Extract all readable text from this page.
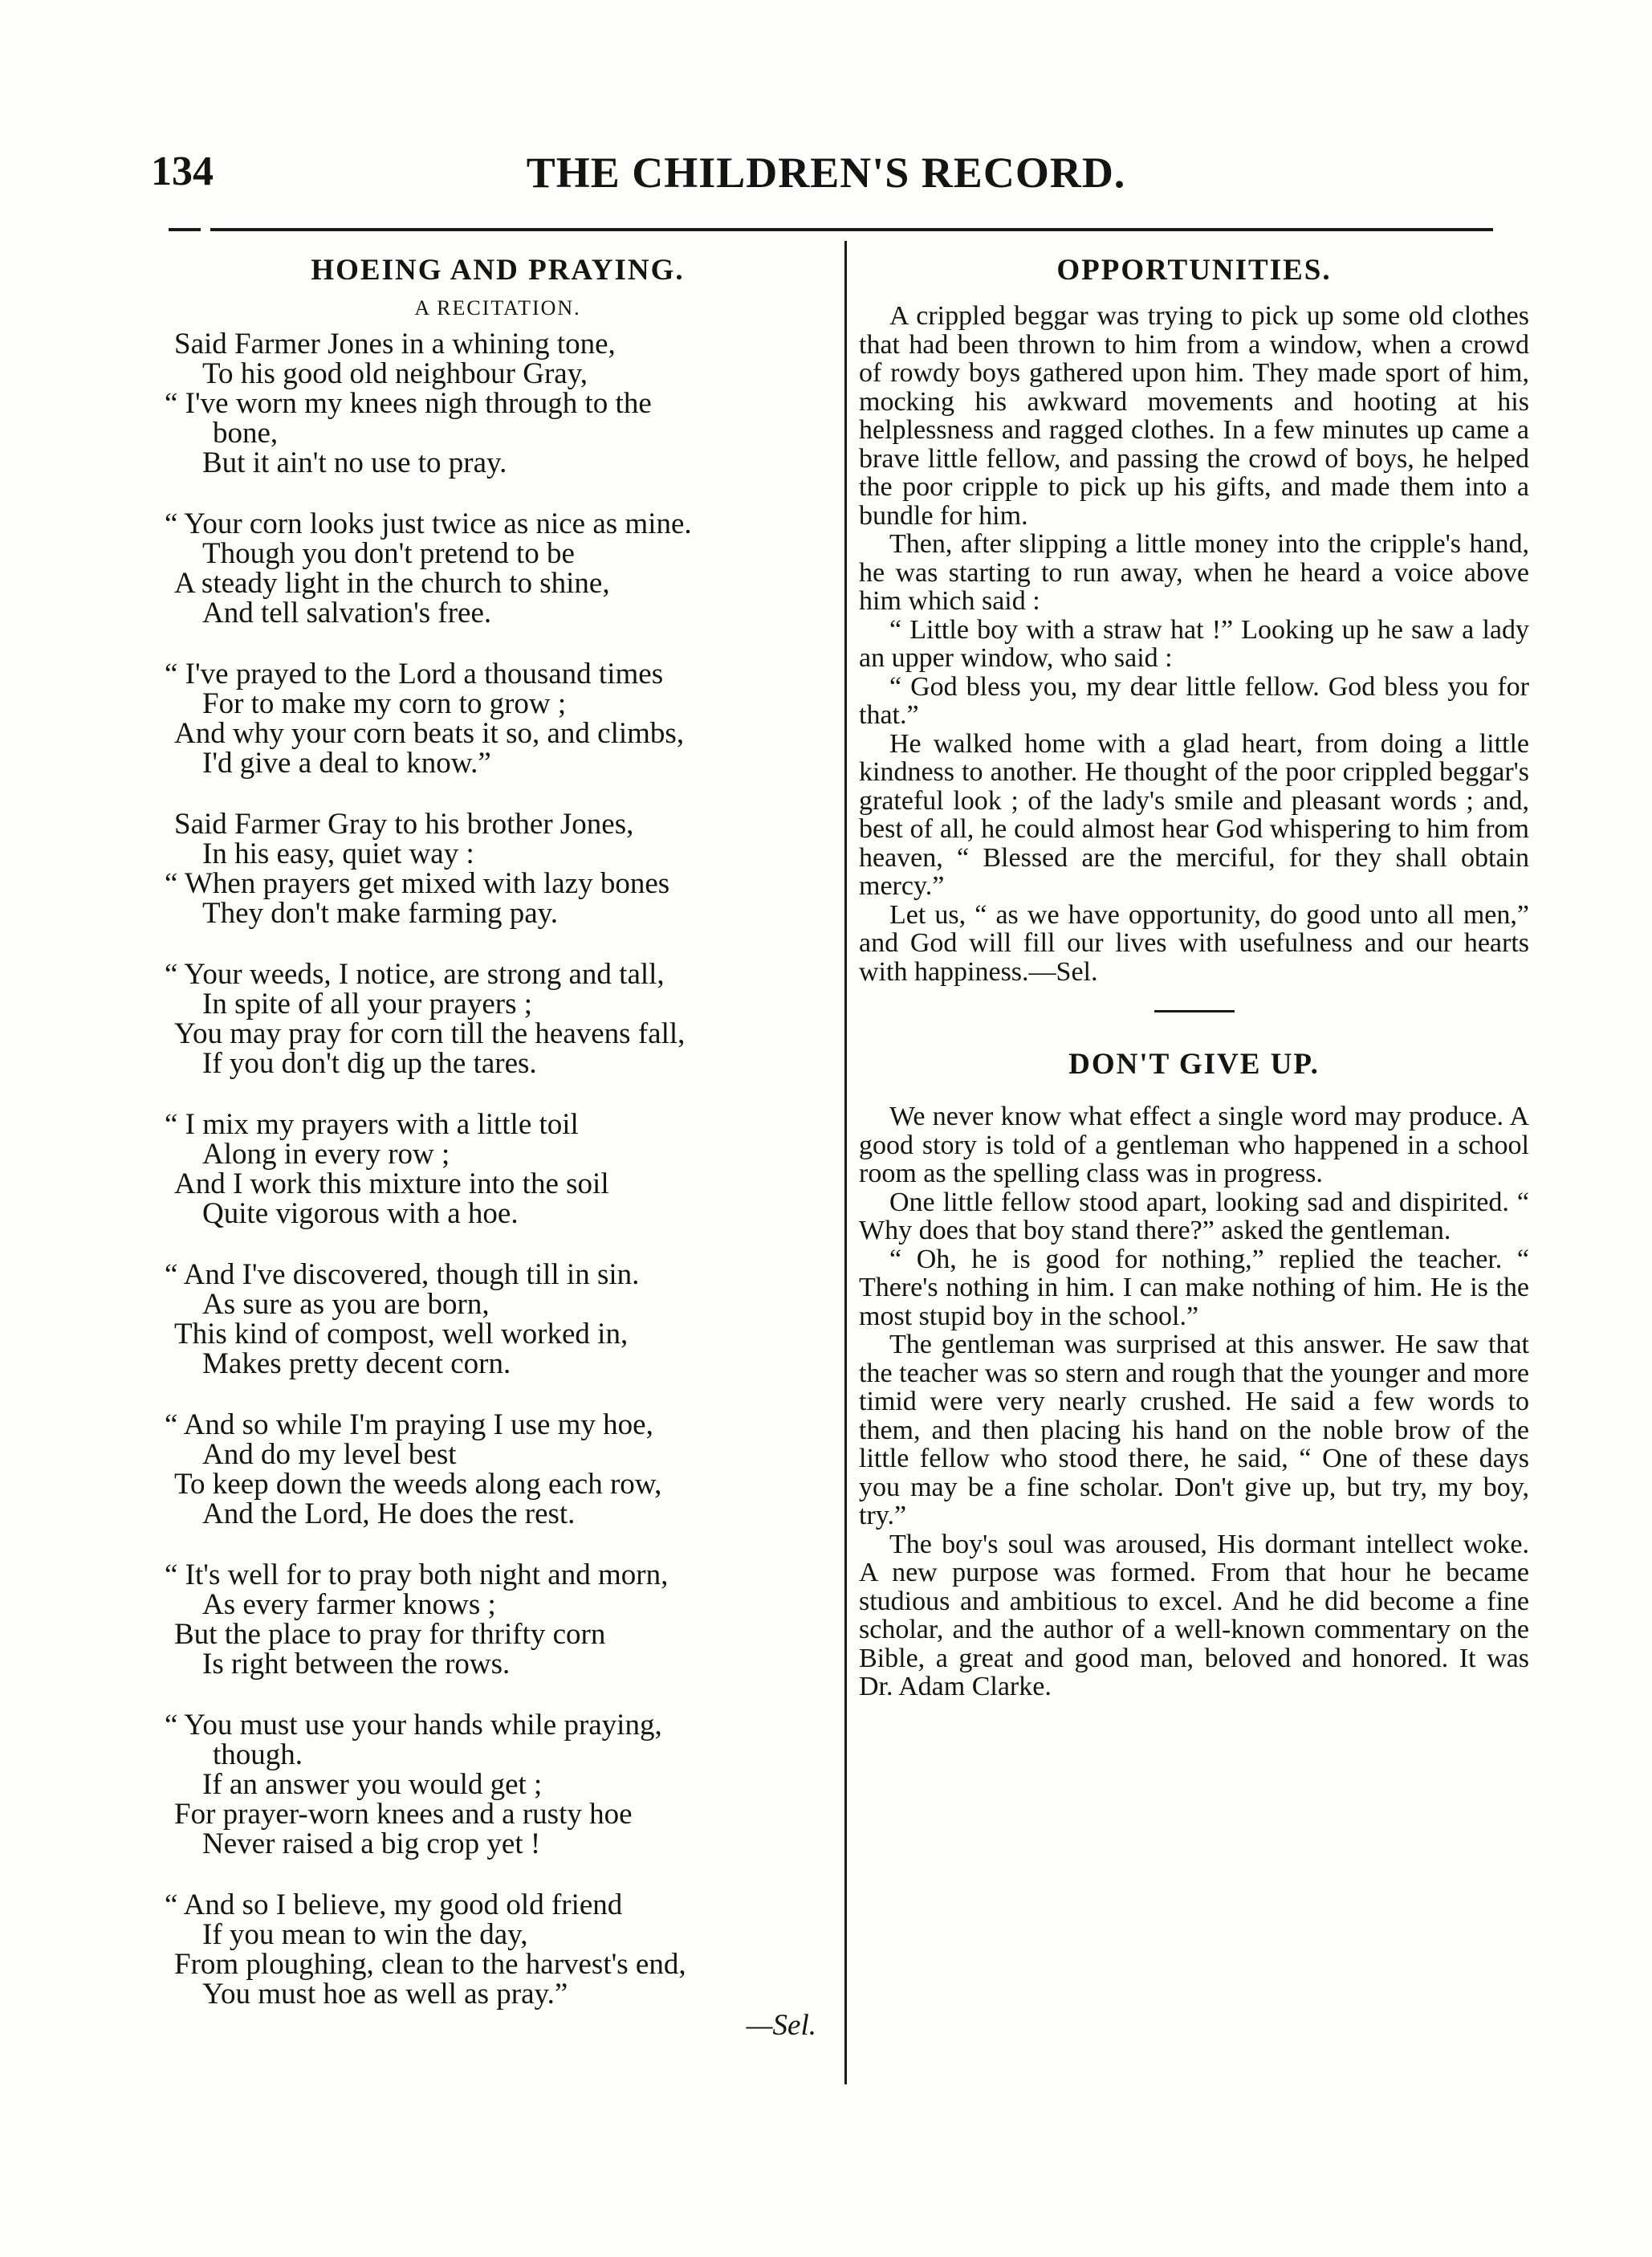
134	THE CHILDREN'S RECORD.
HOEING AND PRAYING.
A RECITATION.
Said Farmer Jones in a whining tone,
To his good old neighbour Gray,
“ I've worn my knees nigh through to the
bone,
But it ain't no use to pray.
“ Your corn looks just twice as nice as mine.
Though you don't pretend to be
A steady light in the church to shine,
And tell salvation's free.
“ I've prayed to the Lord a thousand times
For to make my corn to grow ;
And why your corn beats it so, and climbs,
I'd give a deal to know.”
Said Farmer Gray to his brother Jones,
In his easy, quiet way :
“ When prayers get mixed with lazy bones
They don't make farming pay.
“ Your weeds, I notice, are strong and tall,
In spite of all your prayers ;
You may pray for corn till the heavens fall,
If you don't dig up the tares.
“ I mix my prayers with a little toil
Along in every row ;
And I work this mixture into the soil
Quite vigorous with a hoe.
“ And I've discovered, though till in sin.
As sure as you are born,
This kind of compost, well worked in,
Makes pretty decent corn.
“ And so while I'm praying I use my hoe,
And do my level best
To keep down the weeds along each row,
And the Lord, He does the rest.
“ It's well for to pray both night and morn,
As every farmer knows ;
But the place to pray for thrifty corn
Is right between the rows.
“ You must use your hands while praying,
though.
If an answer you would get ;
For prayer-worn knees and a rusty hoe
Never raised a big crop yet !
“ And so I believe, my good old friend
If you mean to win the day,
From ploughing, clean to the harvest's end,
You must hoe as well as pray.”
—Sel.
OPPORTUNITIES.

A crippled beggar was trying to pick up some old clothes that had been thrown to him from a window, when a crowd of rowdy boys gathered upon him. They made sport of him, mocking his awkward movements and hooting at his helplessness and ragged clothes. In a few minutes up came a brave little fellow, and passing the crowd of boys, he helped the poor cripple to pick up his gifts, and made them into a bundle for him.

Then, after slipping a little money into the cripple's hand, he was starting to run away, when he heard a voice above him which said :

“ Little boy with a straw hat !” Looking up he saw a lady an upper window, who said :

“ God bless you, my dear little fellow. God bless you for that.”

He walked home with a glad heart, from doing a little kindness to another. He thought of the poor crippled beggar's grateful look ; of the lady's smile and pleasant words ; and, best of all, he could almost hear God whispering to him from heaven, “ Blessed are the merciful, for they shall obtain mercy.”

Let us, “ as we have opportunity, do good unto all men,” and God will fill our lives with usefulness and our hearts with happiness.—Sel.

DON'T GIVE UP.

We never know what effect a single word may produce. A good story is told of a gentleman who happened in a school room as the spelling class was in progress.

One little fellow stood apart, looking sad and dispirited. “ Why does that boy stand there?” asked the gentleman.

“ Oh, he is good for nothing,” replied the teacher. “ There's nothing in him. I can make nothing of him. He is the most stupid boy in the school.”

The gentleman was surprised at this answer. He saw that the teacher was so stern and rough that the younger and more timid were very nearly crushed. He said a few words to them, and then placing his hand on the noble brow of the little fellow who stood there, he said, “ One of these days you may be a fine scholar. Don't give up, but try, my boy, try.”

The boy's soul was aroused, His dormant intellect woke. A new purpose was formed. From that hour he became studious and ambitious to excel. And he did become a fine scholar, and the author of a well-known commentary on the Bible, a great and good man, beloved and honored. It was Dr. Adam Clarke.
